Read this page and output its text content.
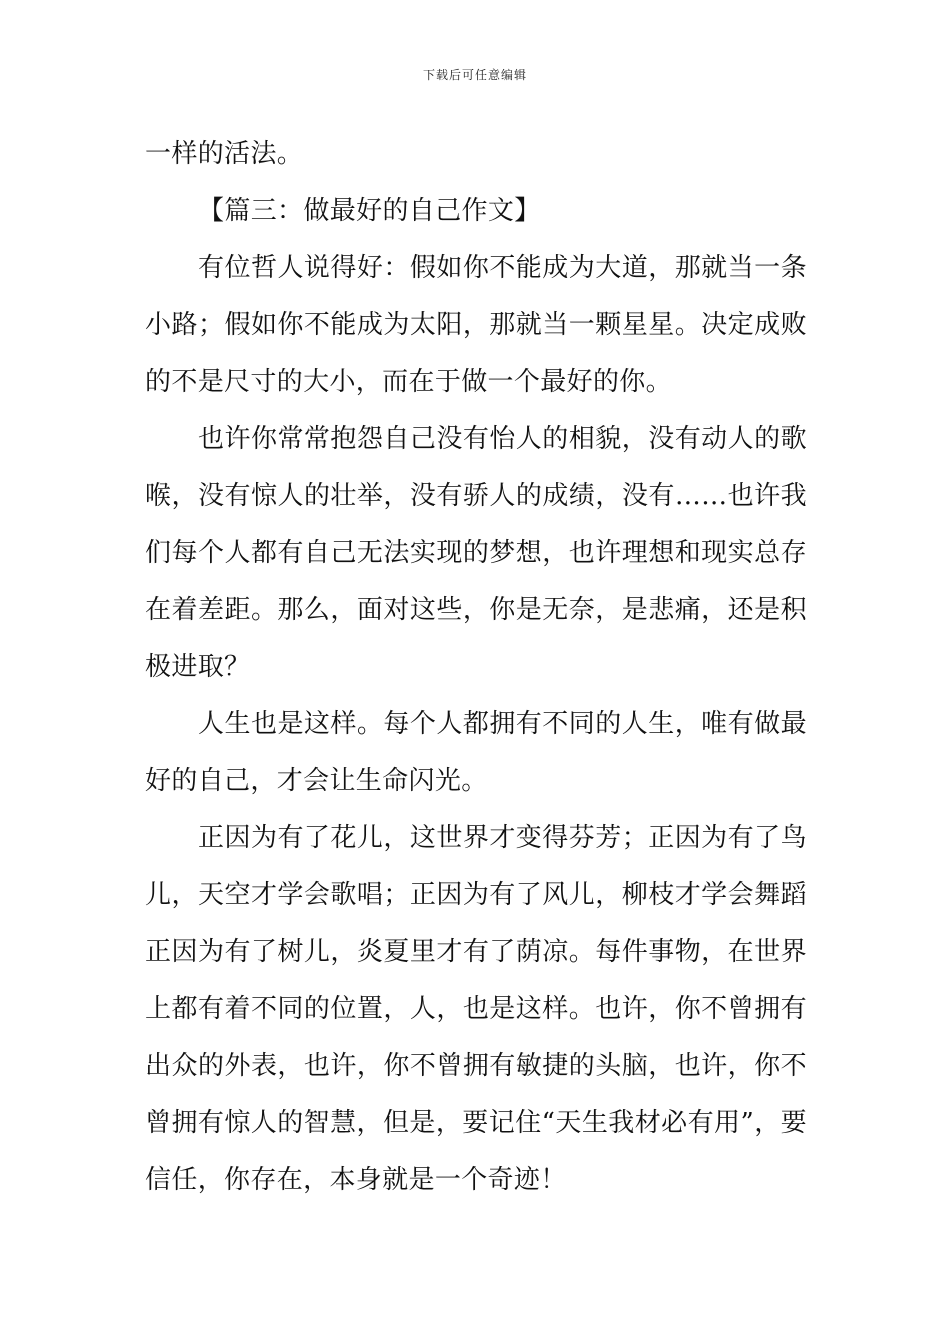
下载后可任意编辑

一样的活法。

【篇三：做最好的自己作文】

有位哲人说得好：假如你不能成为大道，那就当一条小路；假如你不能成为太阳，那就当一颗星星。决定成败的不是尺寸的大小，而在于做一个最好的你。

也许你常常抱怨自己没有怡人的相貌，没有动人的歌喉，没有惊人的壮举，没有骄人的成绩，没有……也许我们每个人都有自己无法实现的梦想，也许理想和现实总存在着差距。那么，面对这些，你是无奈，是悲痛，还是积极进取？

人生也是这样。每个人都拥有不同的人生，唯有做最好的自己，才会让生命闪光。

正因为有了花儿，这世界才变得芬芳；正因为有了鸟儿，天空才学会歌唱；正因为有了风儿，柳枝才学会舞蹈正因为有了树儿，炎夏里才有了荫凉。每件事物，在世界上都有着不同的位置，人，也是这样。也许，你不曾拥有出众的外表，也许，你不曾拥有敏捷的头脑，也许，你不曾拥有惊人的智慧，但是，要记住“天生我材必有用”，要信任，你存在，本身就是一个奇迹！
